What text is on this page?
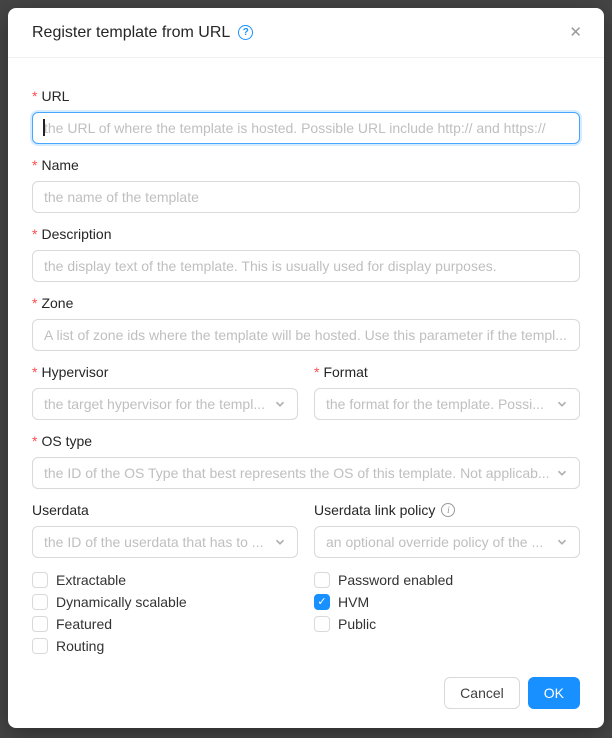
Register template from URL	?	✕
* URL
the URL of where the template is hosted. Possible URL include http:// and https://
* Name
the name of the template
* Description
the display text of the template. This is usually used for display purposes.
* Zone
A list of zone ids where the template will be hosted. Use this parameter if the templ...
* Hypervisor
the target hypervisor for the templ...
* Format
the format for the template. Possi...
* OS type
the ID of the OS Type that best represents the OS of this template. Not applicab...
Userdata
the ID of the userdata that has to ...
Userdata link policy	i
an optional override policy of the ...
Extractable
Dynamically scalable
Featured
Routing
Password enabled
✓ HVM
Public
Cancel	OK
